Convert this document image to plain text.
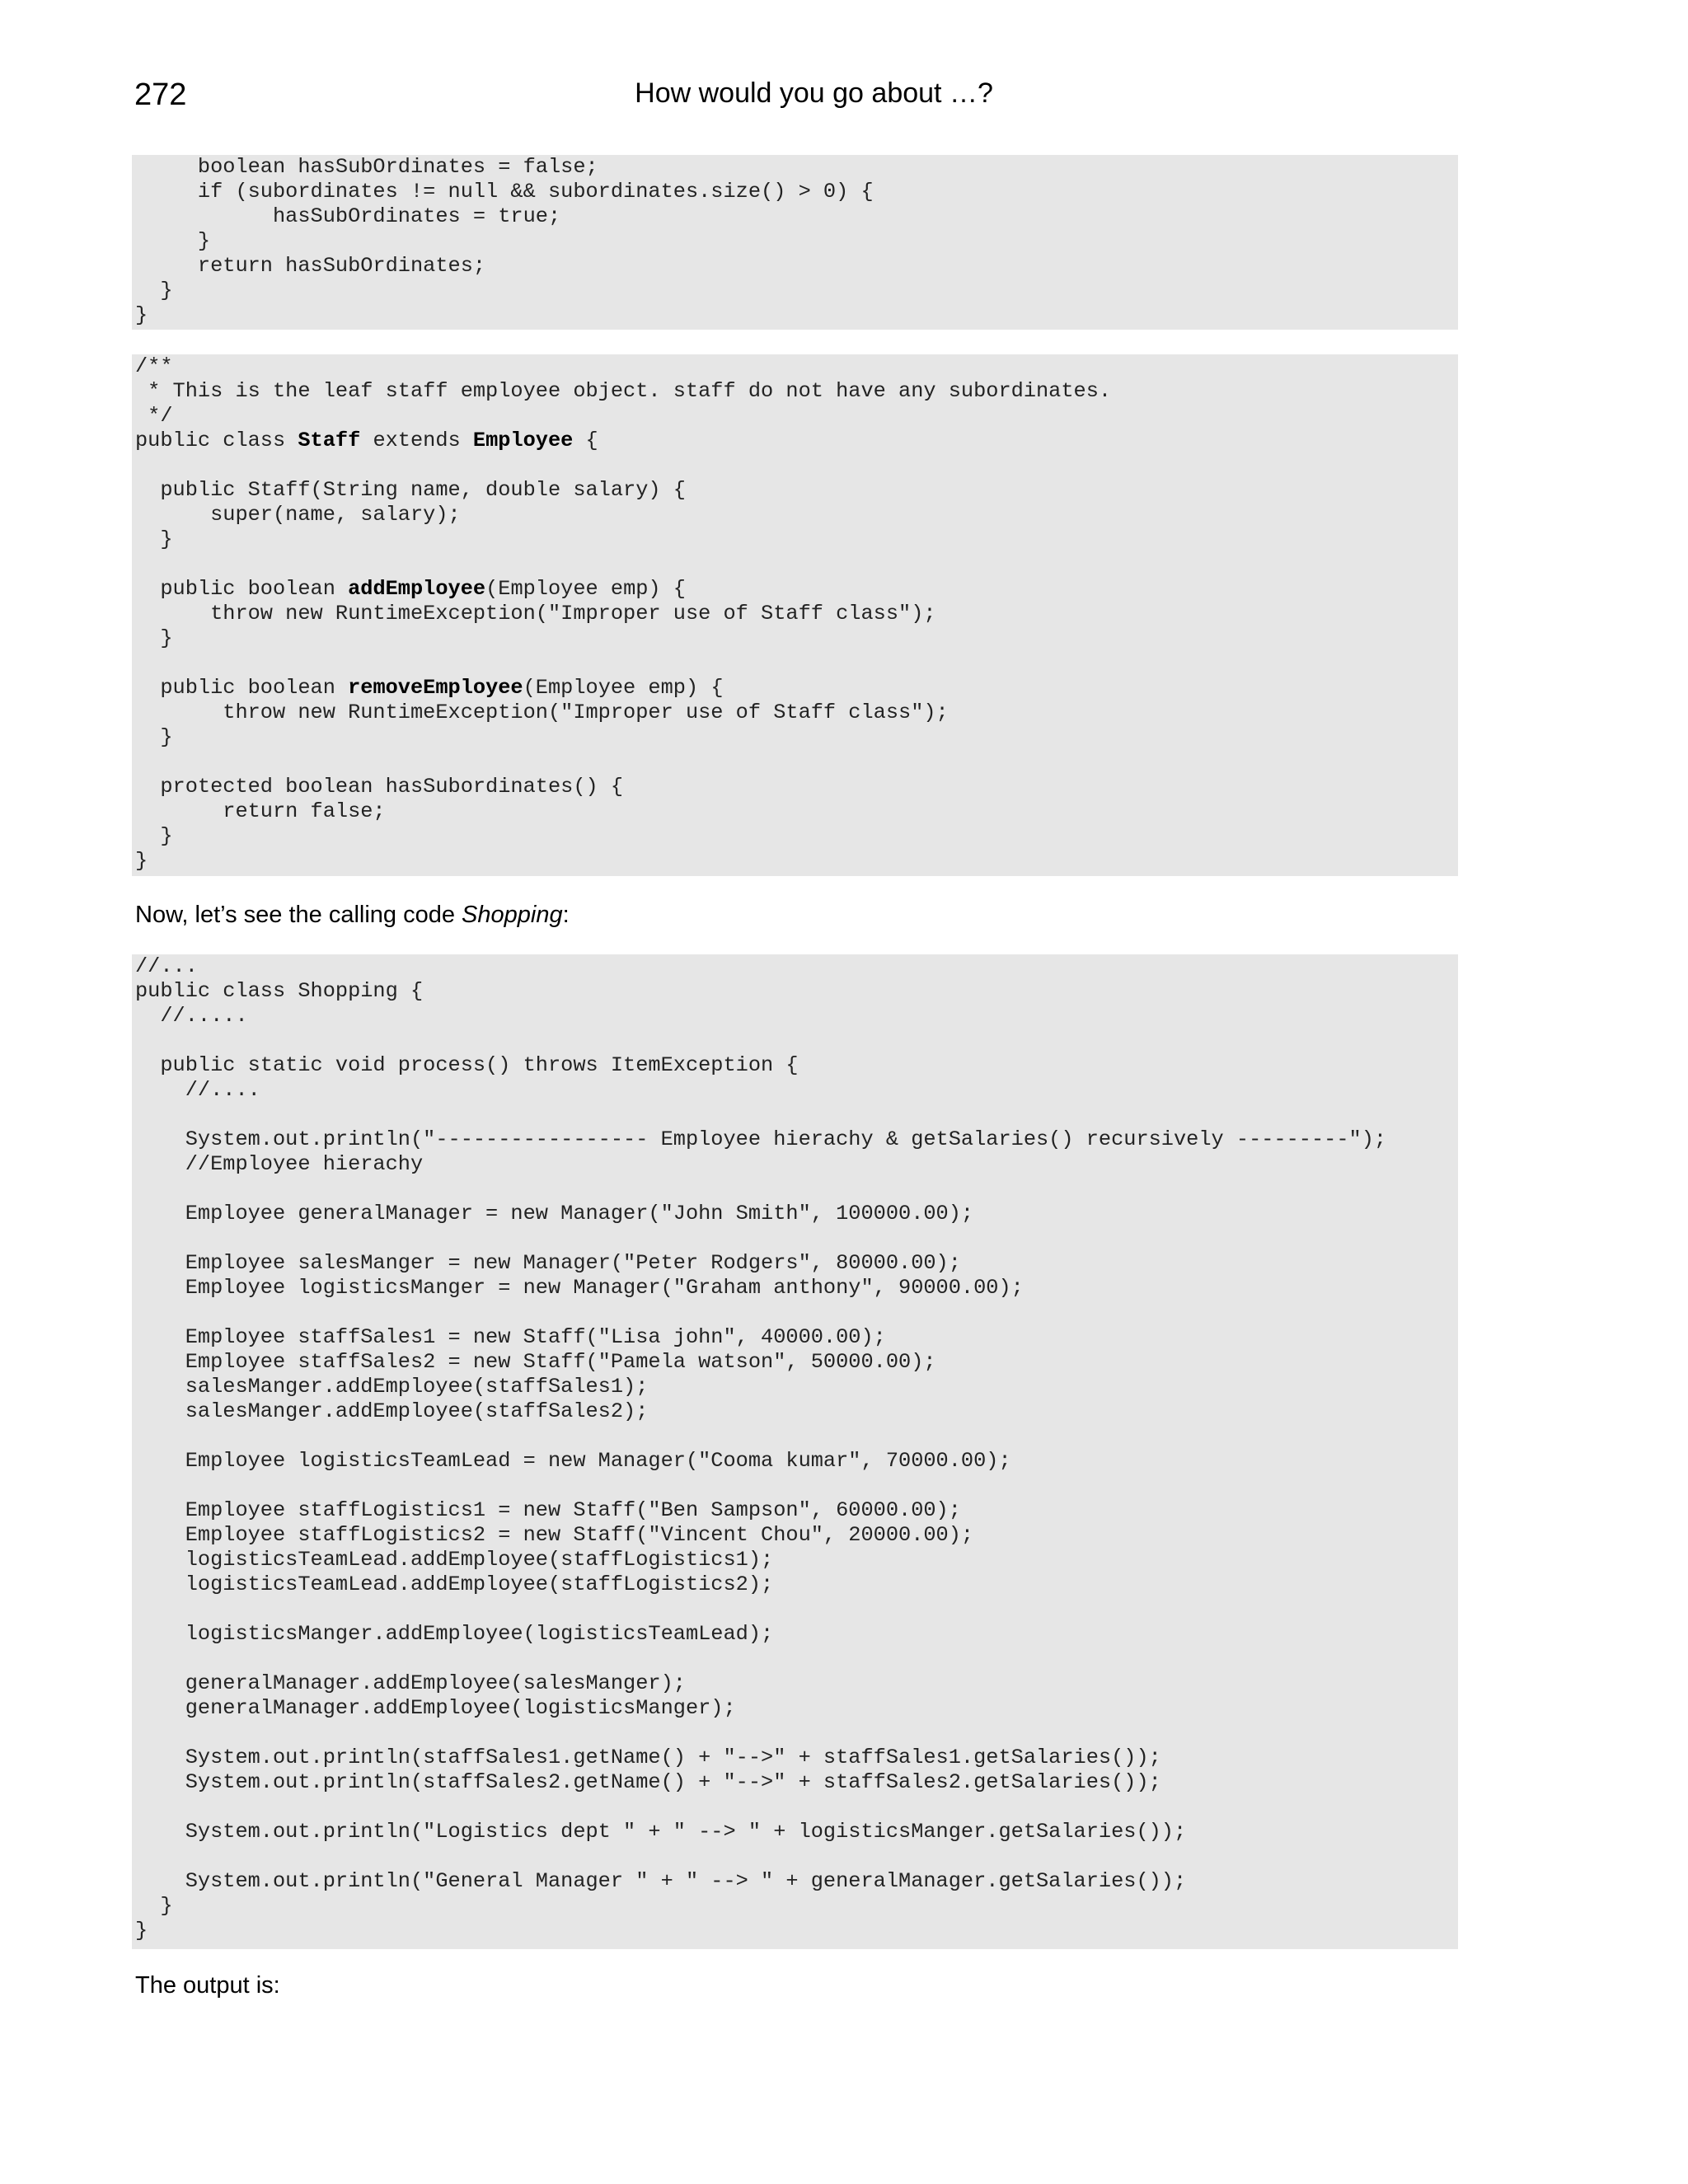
272	How would you go about …?
boolean hasSubOrdinates = false;
if (subordinates != null && subordinates.size() > 0) {
hasSubOrdinates = true;
}
return hasSubOrdinates;
}
}
/**
* This is the leaf staff employee object. staff do not have any subordinates.
*/
public class Staff extends Employee {
public Staff(String name, double salary) {
super(name, salary);
}
public boolean addEmployee(Employee emp) {
throw new RuntimeException("Improper use of Staff class");
}
public boolean removeEmployee(Employee emp) {
throw new RuntimeException("Improper use of Staff class");
}
protected boolean hasSubordinates() {
return false;
}
}

Now, let’s see the calling code Shopping:

//...
public class Shopping {
//.....
public static void process() throws ItemException {
//....
System.out.println("----------------- Employee hierachy & getSalaries() recursively ---------");
//Employee hierachy
Employee generalManager = new Manager("John Smith", 100000.00);
Employee salesManger = new Manager("Peter Rodgers", 80000.00);
Employee logisticsManger = new Manager("Graham anthony", 90000.00);
Employee staffSales1 = new Staff("Lisa john", 40000.00);
Employee staffSales2 = new Staff("Pamela watson", 50000.00);
salesManger.addEmployee(staffSales1);
salesManger.addEmployee(staffSales2);
Employee logisticsTeamLead = new Manager("Cooma kumar", 70000.00);
Employee staffLogistics1 = new Staff("Ben Sampson", 60000.00);
Employee staffLogistics2 = new Staff("Vincent Chou", 20000.00);
logisticsTeamLead.addEmployee(staffLogistics1);
logisticsTeamLead.addEmployee(staffLogistics2);
logisticsManger.addEmployee(logisticsTeamLead);
generalManager.addEmployee(salesManger);
generalManager.addEmployee(logisticsManger);
System.out.println(staffSales1.getName() + "-->" + staffSales1.getSalaries());
System.out.println(staffSales2.getName() + "-->" + staffSales2.getSalaries());
System.out.println("Logistics dept " + " --> " + logisticsManger.getSalaries());
System.out.println("General Manager " + " --> " + generalManager.getSalaries());
}
}

The output is:
